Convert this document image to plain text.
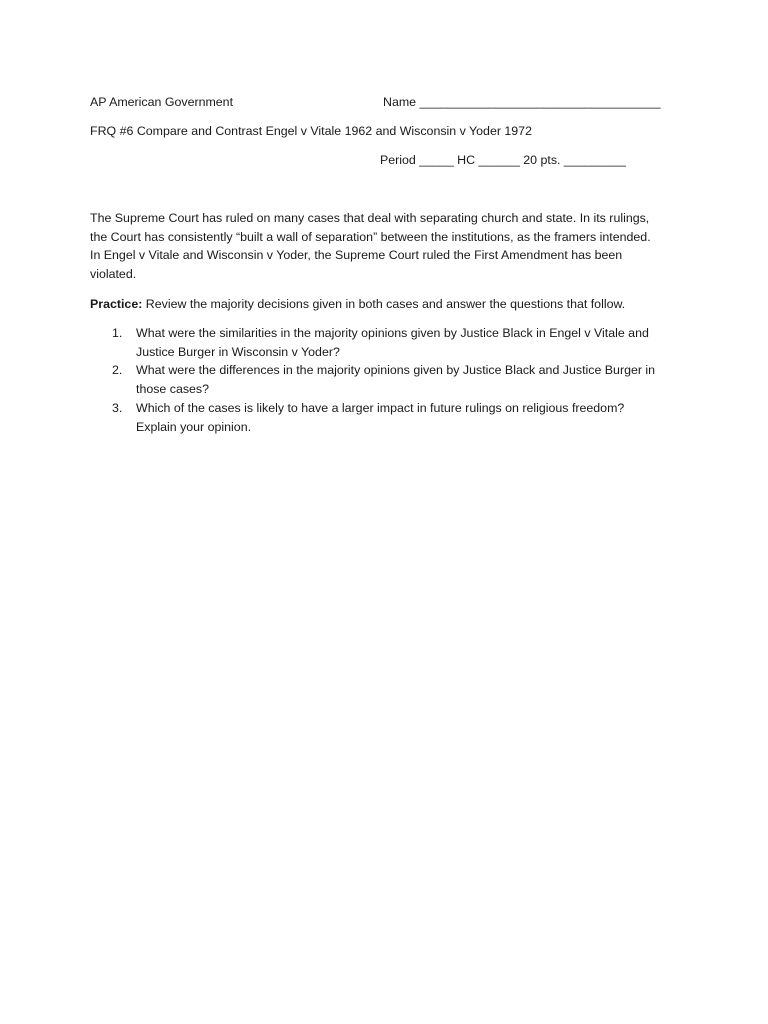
AP American Government	Name ___________________________________
FRQ #6 Compare and Contrast Engel v Vitale 1962 and Wisconsin v Yoder 1972
Period _____ HC ______ 20 pts. _________
The Supreme Court has ruled on many cases that deal with separating church and state. In its rulings,
the Court has consistently “built a wall of separation” between the institutions, as the framers intended.
In Engel v Vitale and Wisconsin v Yoder, the Supreme Court ruled the First Amendment has been
violated.
Practice: Review the majority decisions given in both cases and answer the questions that follow.
1. What were the similarities in the majority opinions given by Justice Black in Engel v Vitale and
Justice Burger in Wisconsin v Yoder?
2. What were the differences in the majority opinions given by Justice Black and Justice Burger in
those cases?
3. Which of the cases is likely to have a larger impact in future rulings on religious freedom?
Explain your opinion.
